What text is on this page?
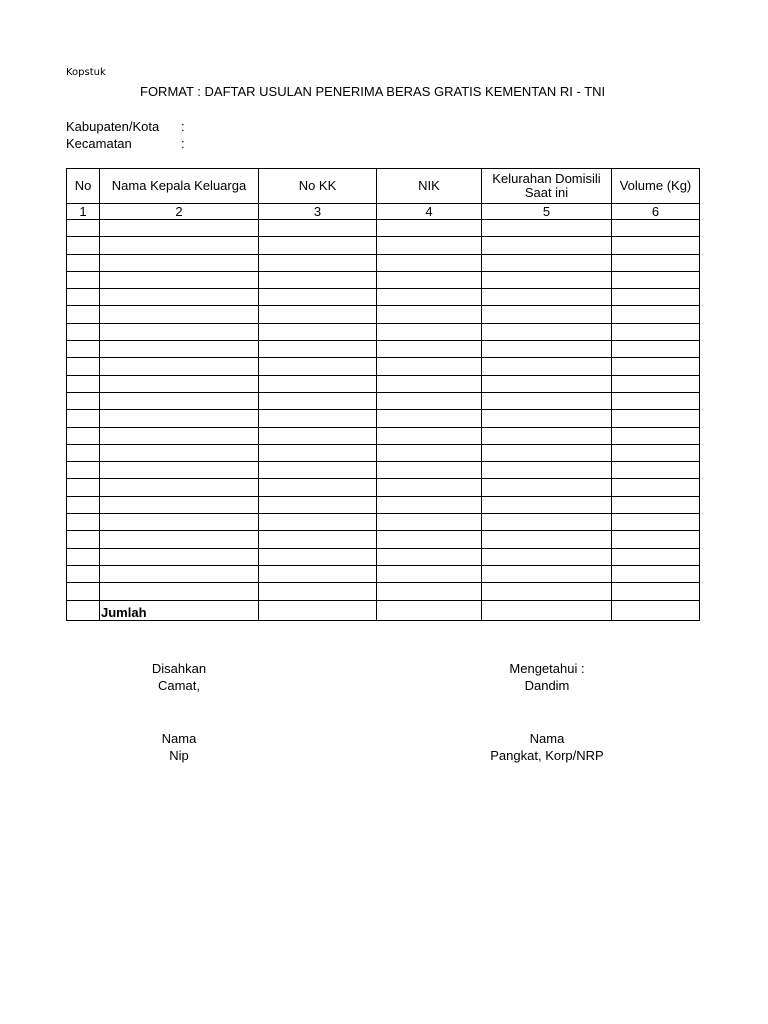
Kopstuk
FORMAT : DAFTAR USULAN PENERIMA BERAS GRATIS KEMENTAN RI - TNI
Kabupaten/Kota :
Kecamatan	:
No	Nama Kepala Keluarga	No KK	NIK	Kelurahan Domisili Saat ini	Volume (Kg)
1	2	3	4	5	6

	Jumlah				
Disahkan
Camat,
Mengetahui :
Dandim
Nama
Nip
Nama
Pangkat, Korp/NRP
